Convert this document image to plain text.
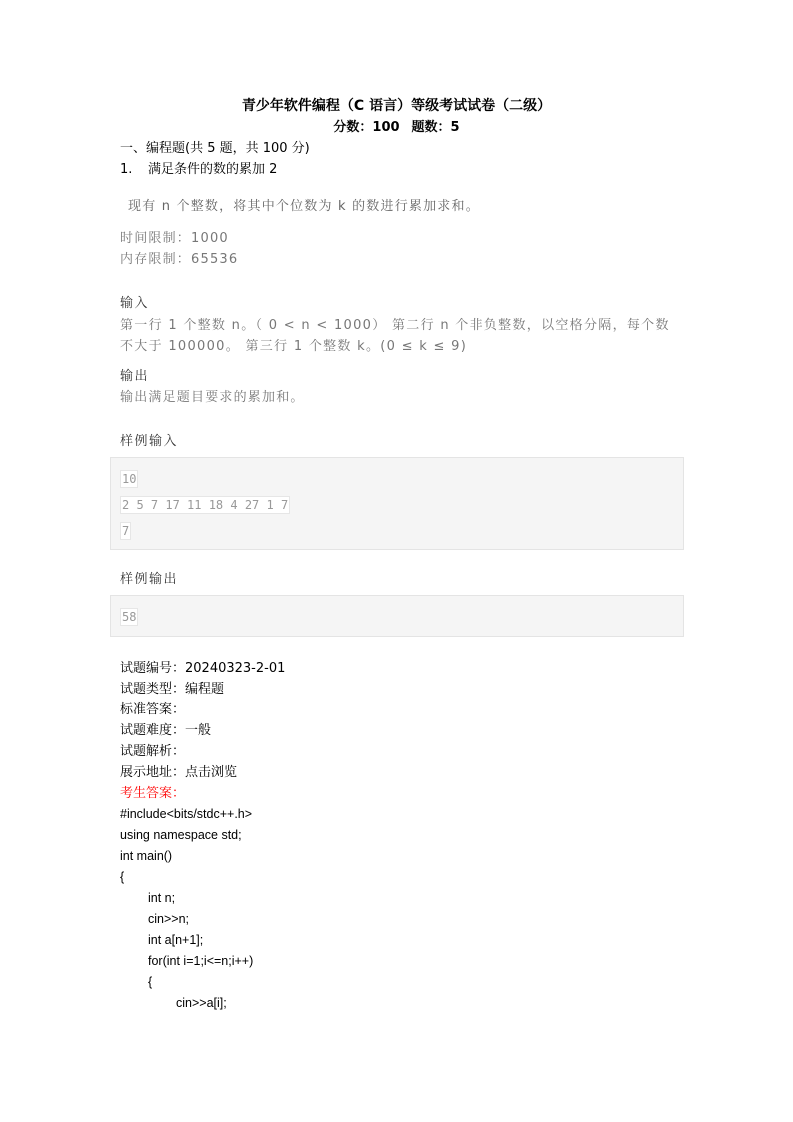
青少年软件编程（C 语言）等级考试试卷（二级）
分数：100 题数：5
一、编程题(共 5 题，共 100 分)
1. 满足条件的数的累加 2
现有 n 个整数，将其中个位数为 k 的数进行累加求和。
时间限制：1000
内存限制：65536
输入
第一行 1 个整数 n。（ 0 < n < 1000） 第二行 n 个非负整数，以空格分隔，每个数不大于 100000。 第三行 1 个整数 k。(0 ≤ k ≤ 9)
输出
输出满足题目要求的累加和。
样例输入
10
2 5 7 17 11 18 4 27 1 7
7
样例输出
58
试题编号：20240323-2-01
试题类型：编程题
标准答案：
试题难度：一般
试题解析：
展示地址：点击浏览
考生答案：
#include<bits/stdc++.h>
using namespace std;
int main()
{
int n;
cin>>n;
int a[n+1];
for(int i=1;i<=n;i++)
{
cin>>a[i];
